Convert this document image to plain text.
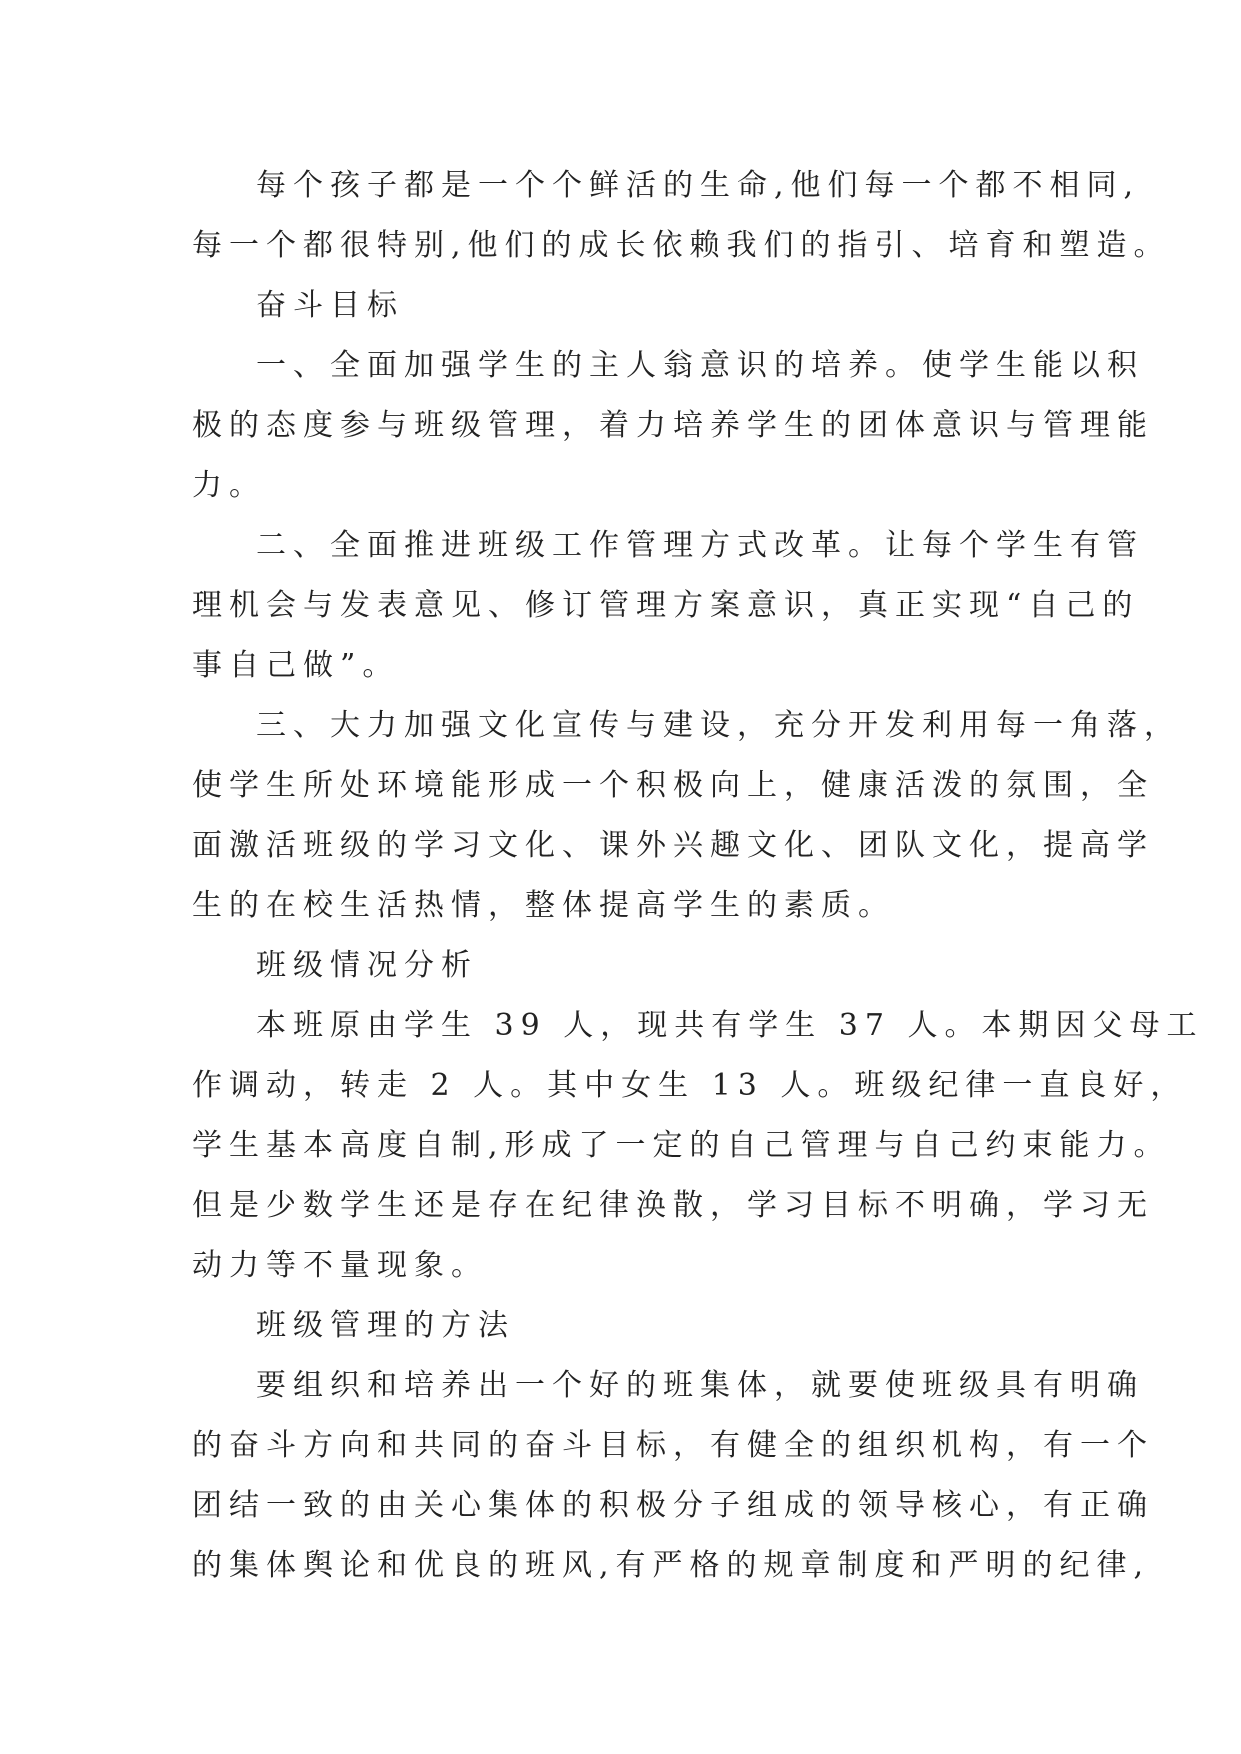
每个孩子都是一个个鲜活的生命,他们每一个都不相同,
每一个都很特别,他们的成长依赖我们的指引、培育和塑造。
奋斗目标
一、全面加强学生的主人翁意识的培养。使学生能以积
极的态度参与班级管理，着力培养学生的团体意识与管理能
力。
二、全面推进班级工作管理方式改革。让每个学生有管
理机会与发表意见、修订管理方案意识，真正实现“自己的
事自己做”。
三、大力加强文化宣传与建设，充分开发利用每一角落，
使学生所处环境能形成一个积极向上，健康活泼的氛围，全
面激活班级的学习文化、课外兴趣文化、团队文化，提高学
生的在校生活热情，整体提高学生的素质。
班级情况分析
本班原由学生 39 人，现共有学生 37 人。本期因父母工
作调动，转走 2 人。其中女生 13 人。班级纪律一直良好，
学生基本高度自制,形成了一定的自己管理与自己约束能力。
但是少数学生还是存在纪律涣散，学习目标不明确，学习无
动力等不量现象。
班级管理的方法
要组织和培养出一个好的班集体，就要使班级具有明确
的奋斗方向和共同的奋斗目标，有健全的组织机构，有一个
团结一致的由关心集体的积极分子组成的领导核心，有正确
的集体舆论和优良的班风,有严格的规章制度和严明的纪律,
